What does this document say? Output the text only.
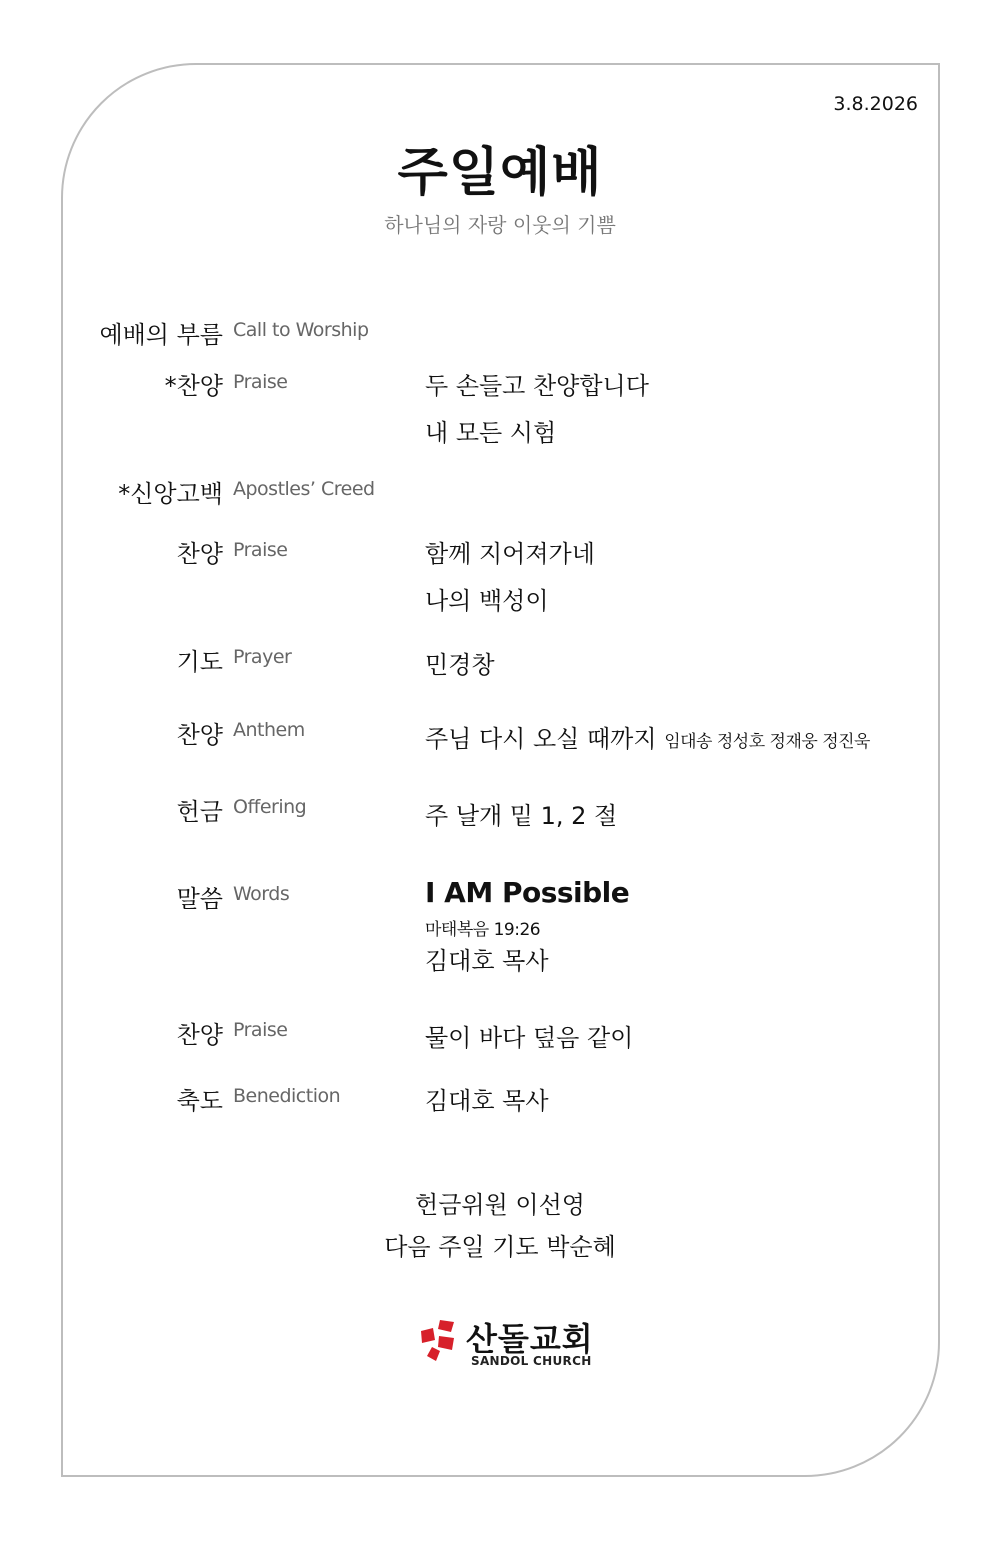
3.8.2026
주일예배
하나님의 자랑 이웃의 기쁨
예배의 부름 Call to Worship
*찬양 Praise	두 손들고 찬양합니다
내 모든 시험
*신앙고백 Apostles’ Creed
찬양 Praise	함께 지어져가네
나의 백성이
기도 Prayer	민경창
찬양 Anthem	주님 다시 오실 때까지 임대송 정성호 정재웅 정진욱
헌금 Offering	주 날개 밑 1, 2 절
말씀 Words	I AM Possible
마태복음 19:26
김대호 목사
찬양 Praise	물이 바다 덮음 같이
축도 Benediction	김대호 목사
헌금위원 이선영
다음 주일 기도 박순혜
산돌교회
SANDOL CHURCH
